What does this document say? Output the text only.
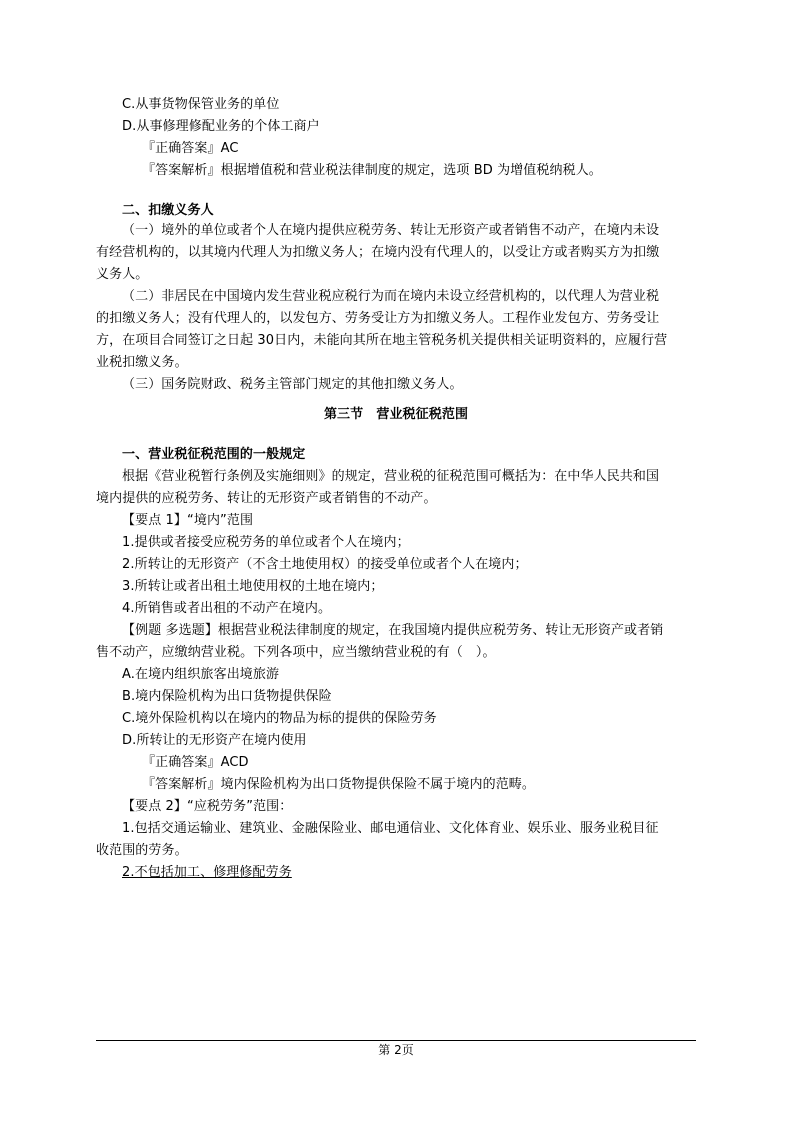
C.从事货物保管业务的单位
D.从事修理修配业务的个体工商户
『正确答案』AC
『答案解析』根据增值税和营业税法律制度的规定，选项 BD 为增值税纳税人。
二、扣缴义务人
（一）境外的单位或者个人在境内提供应税劳务、转让无形资产或者销售不动产，在境内未设
有经营机构的，以其境内代理人为扣缴义务人；在境内没有代理人的，以受让方或者购买方为扣缴
义务人。
（二）非居民在中国境内发生营业税应税行为而在境内未设立经营机构的，以代理人为营业税
的扣缴义务人；没有代理人的，以发包方、劳务受让方为扣缴义务人。工程作业发包方、劳务受让
方，在项目合同签订之日起 30日内，未能向其所在地主管税务机关提供相关证明资料的，应履行营
业税扣缴义务。
（三）国务院财政、税务主管部门规定的其他扣缴义务人。
第三节　营业税征税范围
一、营业税征税范围的一般规定
根据《营业税暂行条例及实施细则》的规定，营业税的征税范围可概括为：在中华人民共和国
境内提供的应税劳务、转让的无形资产或者销售的不动产。
【要点 1】“境内”范围
1.提供或者接受应税劳务的单位或者个人在境内；
2.所转让的无形资产（不含土地使用权）的接受单位或者个人在境内；
3.所转让或者出租土地使用权的土地在境内；
4.所销售或者出租的不动产在境内。
【例题 多选题】根据营业税法律制度的规定，在我国境内提供应税劳务、转让无形资产或者销
售不动产，应缴纳营业税。下列各项中，应当缴纳营业税的有（　）。
A.在境内组织旅客出境旅游
B.境内保险机构为出口货物提供保险
C.境外保险机构以在境内的物品为标的提供的保险劳务
D.所转让的无形资产在境内使用
『正确答案』ACD
『答案解析』境内保险机构为出口货物提供保险不属于境内的范畴。
【要点 2】“应税劳务”范围：
1.包括交通运输业、建筑业、金融保险业、邮电通信业、文化体育业、娱乐业、服务业税目征
收范围的劳务。
2.不包括加工、修理修配劳务
第 2页
